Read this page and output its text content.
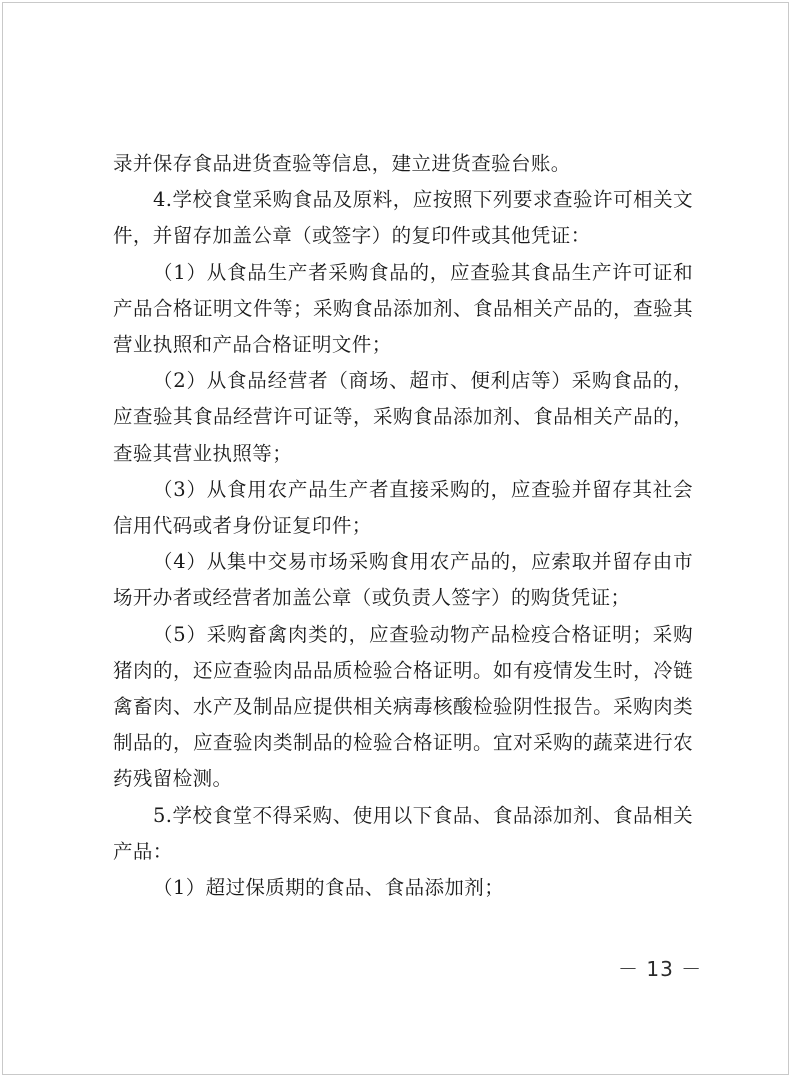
录并保存食品进货查验等信息，建立进货查验台账。

4.学校食堂采购食品及原料，应按照下列要求查验许可相关文件，并留存加盖公章（或签字）的复印件或其他凭证：

（1）从食品生产者采购食品的，应查验其食品生产许可证和产品合格证明文件等；采购食品添加剂、食品相关产品的，查验其营业执照和产品合格证明文件；

（2）从食品经营者（商场、超市、便利店等）采购食品的，应查验其食品经营许可证等，采购食品添加剂、食品相关产品的，查验其营业执照等；

（3）从食用农产品生产者直接采购的，应查验并留存其社会信用代码或者身份证复印件；

（4）从集中交易市场采购食用农产品的，应索取并留存由市场开办者或经营者加盖公章（或负责人签字）的购货凭证；

（5）采购畜禽肉类的，应查验动物产品检疫合格证明；采购猪肉的，还应查验肉品品质检验合格证明。如有疫情发生时，冷链禽畜肉、水产及制品应提供相关病毒核酸检验阴性报告。采购肉类制品的，应查验肉类制品的检验合格证明。宜对采购的蔬菜进行农药残留检测。

5.学校食堂不得采购、使用以下食品、食品添加剂、食品相关产品：

（1）超过保质期的食品、食品添加剂；

－ 13 －
